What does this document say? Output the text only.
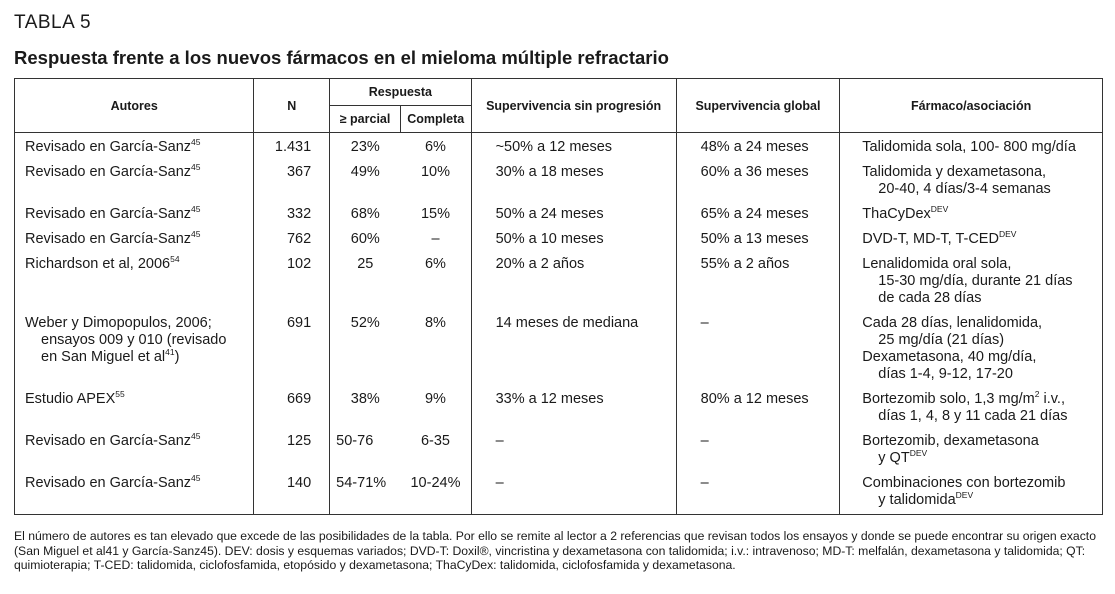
TABLA 5
Respuesta frente a los nuevos fármacos en el mieloma múltiple refractario
Autores	N	Respuesta		Supervivencia sin progresión	Supervivencia global	Fármaco/asociación
		≥ parcial	Completa			
Revisado en García-Sanz$^{45}$	1.431	23%	6%	~50% a 12 meses	48% a 24 meses	Talidomida sola, 100- 800 mg/día
Revisado en García-Sanz$^{45}$	367	49%	10%	30% a 18 meses	60% a 36 meses	Talidomida y dexametasona,
20-40, 4 días/3-4 semanas

Revisado en García-Sanz$^{45}$	332	68%	15%	50% a 24 meses	65% a 24 meses	ThaCyDex$^{DEV}$
Revisado en García-Sanz$^{45}$	762	60%	–	50% a 10 meses	50% a 13 meses	DVD-T, MD-T, $T-CED^{DEV}$
Richardson et al, 2006$^{54}$	102	25	6%	20% a 2 años	55% a 2 años	Lenalidomida oral sola,
15-30 mg/día, durante 21 días
de cada 28 días

Weber y Dimopopulos, 2006;
ensayos 009 y 010 (revisado
en San Miguel et $al^{41}$)	691	52%	8%	14 meses de mediana	–	Cada 28 días, lenalidomida,
25 mg/día (21 días)
Dexametasona, 40 mg/día,
días 1-4, 9-12, 17-20

Estudio APEX$^{55}$	669	38%	9%	33% a 12 meses	80% a 12 meses	Bortezomib solo, 1,3 $mg/m^2$ i.v.,
días 1, 4, 8 y 11 cada 21 días

Revisado en García-Sanz$^{45}$	125	50-76	6-35	–	–	Bortezomib, dexametasona
y $QT^{DEV}$

Revisado en García-Sanz$^{45}$	140	54-71%	10-24%	–	–	Combinaciones con bortezomib
y talidomida$^{DEV}$
El número de autores es tan elevado que excede de las posibilidades de la tabla. Por ello se remite al lector a 2 referencias que revisan todos los ensayos y donde se puede encontrar su origen exacto (San Miguel et al41 y García-Sanz45). DEV: dosis y esquemas variados; DVD-T: Doxil®, vincristina y dexametasona con talidomida; i.v.: intravenoso; MD-T: melfalán, dexametasona y talidomida; QT: quimioterapia; T-CED: talidomida, ciclofosfamida, etopósido y dexametasona; ThaCyDex: talidomida, ciclofosfamida y dexametasona.
